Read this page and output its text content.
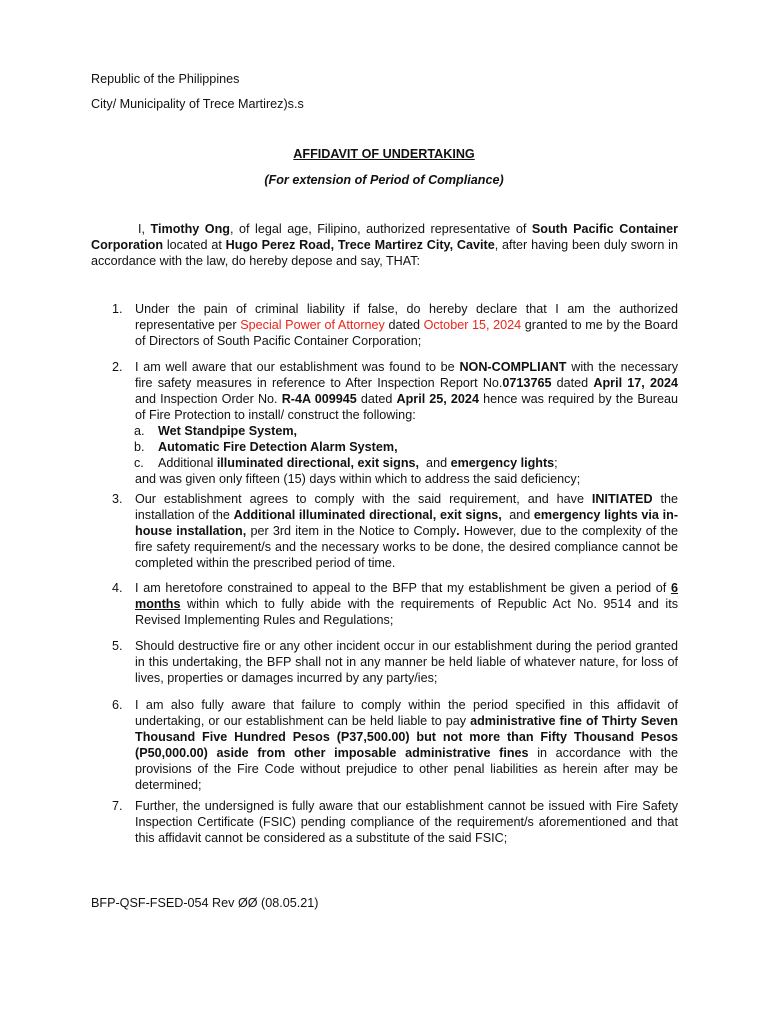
Republic of the Philippines
City/ Municipality of Trece Martirez)s.s
AFFIDAVIT OF UNDERTAKING
(For extension of Period of Compliance)
I, Timothy Ong, of legal age, Filipino, authorized representative of South Pacific Container Corporation located at Hugo Perez Road, Trece Martirez City, Cavite, after having been duly sworn in accordance with the law, do hereby depose and say, THAT:
1. Under the pain of criminal liability if false, do hereby declare that I am the authorized representative per Special Power of Attorney dated October 15, 2024 granted to me by the Board of Directors of South Pacific Container Corporation;
2. I am well aware that our establishment was found to be NON-COMPLIANT with the necessary fire safety measures in reference to After Inspection Report No.0713765 dated April 17, 2024 and Inspection Order No. R-4A 009945 dated April 25, 2024 hence was required by the Bureau of Fire Protection to install/ construct the following:
a. Wet Standpipe System,
b. Automatic Fire Detection Alarm System,
c. Additional illuminated directional, exit signs,  and emergency lights;
and was given only fifteen (15) days within which to address the said deficiency;
3. Our establishment agrees to comply with the said requirement, and have INITIATED the installation of the Additional illuminated directional, exit signs,  and emergency lights via in-house installation, per 3rd item in the Notice to Comply. However, due to the complexity of the fire safety requirement/s and the necessary works to be done, the desired compliance cannot be completed within the prescribed period of time.
4. I am heretofore constrained to appeal to the BFP that my establishment be given a period of 6 months within which to fully abide with the requirements of Republic Act No. 9514 and its Revised Implementing Rules and Regulations;
5. Should destructive fire or any other incident occur in our establishment during the period granted in this undertaking, the BFP shall not in any manner be held liable of whatever nature, for loss of lives, properties or damages incurred by any party/ies;
6. I am also fully aware that failure to comply within the period specified in this affidavit of undertaking, or our establishment can be held liable to pay administrative fine of Thirty Seven Thousand Five Hundred Pesos (P37,500.00) but not more than Fifty Thousand Pesos (P50,000.00) aside from other imposable administrative fines in accordance with the provisions of the Fire Code without prejudice to other penal liabilities as herein after may be determined;
7. Further, the undersigned is fully aware that our establishment cannot be issued with Fire Safety Inspection Certificate (FSIC) pending compliance of the requirement/s aforementioned and that this affidavit cannot be considered as a substitute of the said FSIC;
BFP-QSF-FSED-054 Rev ØØ (08.05.21)
